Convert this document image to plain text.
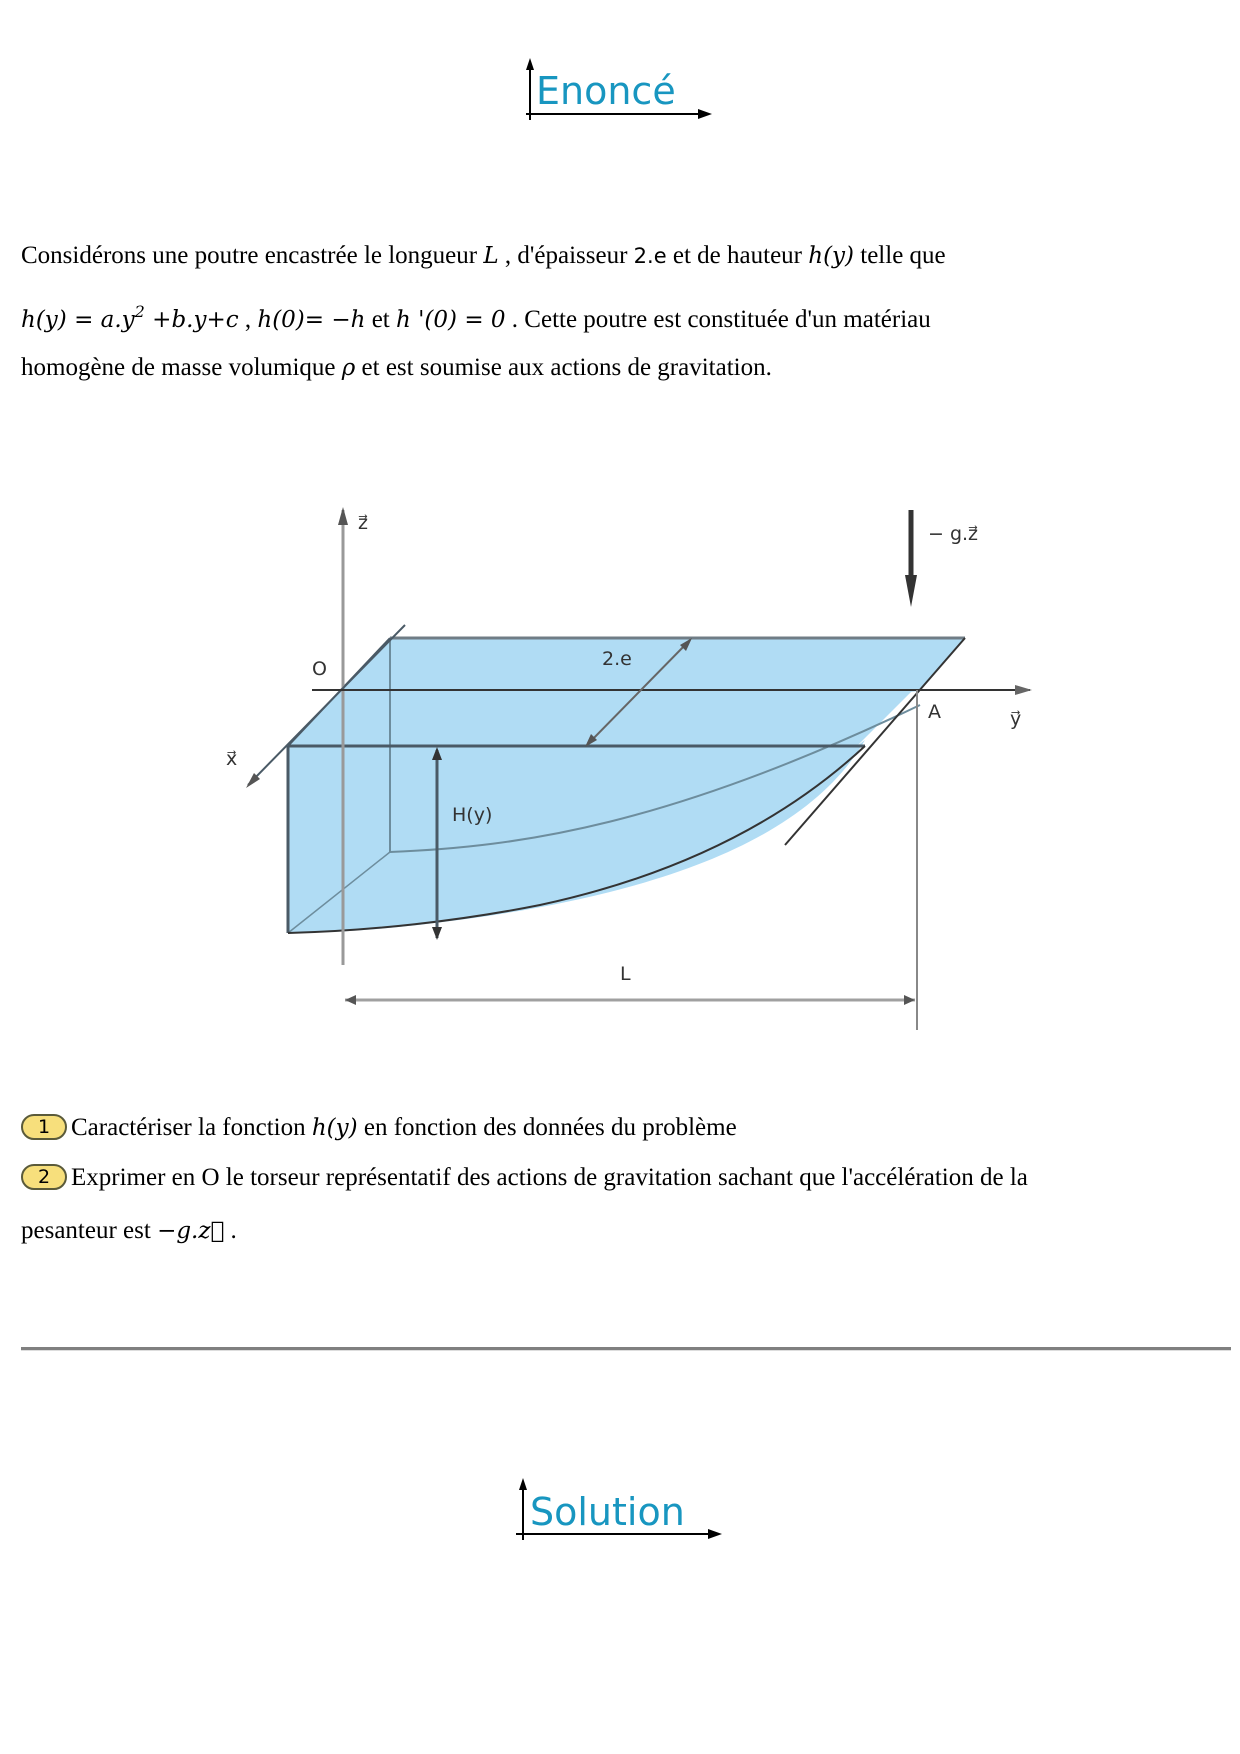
Enoncé
Considérons une poutre encastrée le longueur L , d'épaisseur 2.e et de hauteur h(y) telle que
$h(y) = a.y^2 +b.y+c$ , h(0)= −h et h '(0) = 0 . Cette poutre est constituée d'un matériau
homogène de masse volumique ρ et est soumise aux actions de gravitation.
z⃗
x⃗
y⃗
O
A
2.e
H(y)
L
− g.z⃗
1 Caractériser la fonction h(y) en fonction des données du problème
2 Exprimer en O le torseur représentatif des actions de gravitation sachant que l'accélération de la
pesanteur est −g.z⃗ .
Solution
